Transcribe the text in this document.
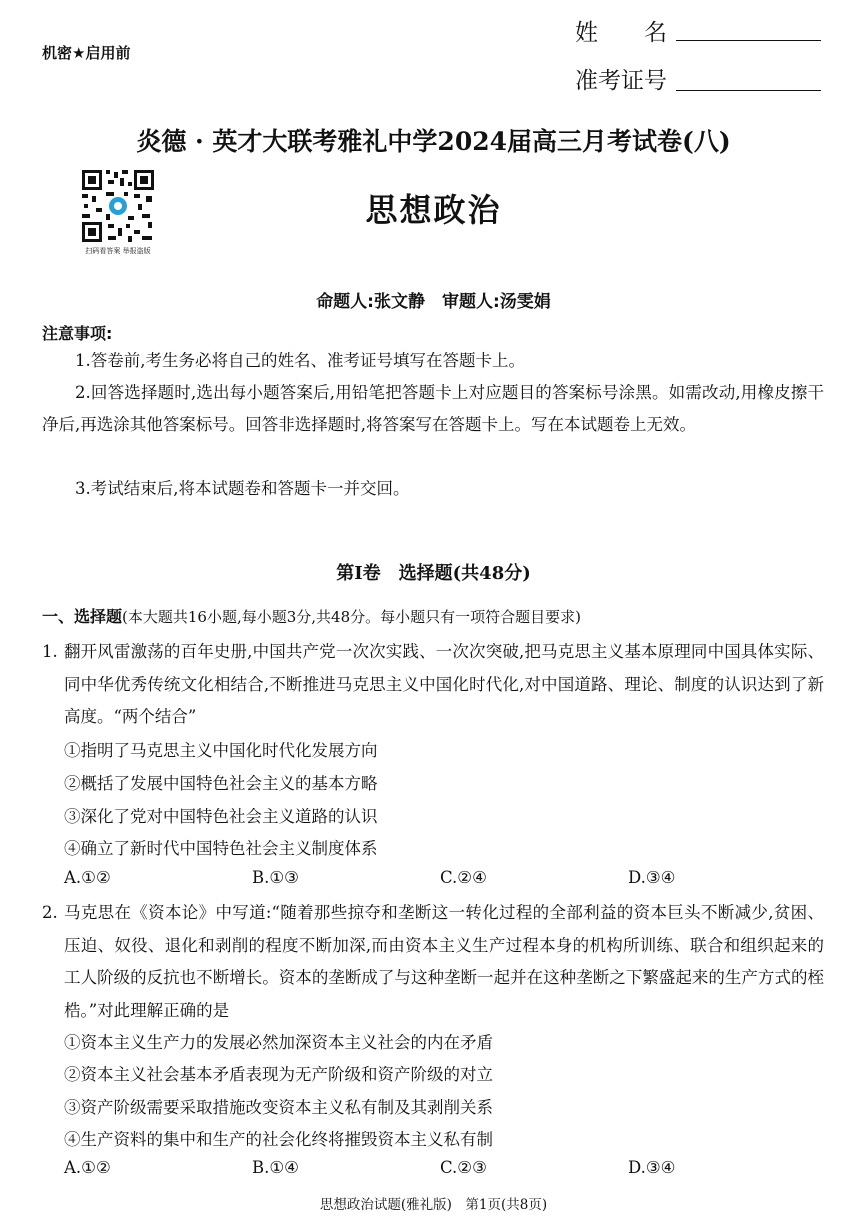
机密★启用前
姓　　名
准考证号
炎德 · 英才大联考雅礼中学2024届高三月考试卷(八)
扫码看答案 举报盗版
思想政治
命题人:张文静　审题人:汤雯娟
注意事项:
1.答卷前,考生务必将自己的姓名、准考证号填写在答题卡上。
2.回答选择题时,选出每小题答案后,用铅笔把答题卡上对应题目的答案标号涂黑。如需改动,用橡皮擦干净后,再选涂其他答案标号。回答非选择题时,将答案写在答题卡上。写在本试题卷上无效。
3.考试结束后,将本试题卷和答题卡一并交回。
第Ⅰ卷　选择题(共48分)
一、选择题(本大题共16小题,每小题3分,共48分。每小题只有一项符合题目要求)
1. 翻开风雷激荡的百年史册,中国共产党一次次实践、一次次突破,把马克思主义基本原理同中国具体实际、同中华优秀传统文化相结合,不断推进马克思主义中国化时代化,对中国道路、理论、制度的认识达到了新高度。“两个结合”
①指明了马克思主义中国化时代化发展方向
②概括了发展中国特色社会主义的基本方略
③深化了党对中国特色社会主义道路的认识
④确立了新时代中国特色社会主义制度体系
A.①②	B.①③	C.②④	D.③④
2. 马克思在《资本论》中写道:“随着那些掠夺和垄断这一转化过程的全部利益的资本巨头不断减少,贫困、压迫、奴役、退化和剥削的程度不断加深,而由资本主义生产过程本身的机构所训练、联合和组织起来的工人阶级的反抗也不断增长。资本的垄断成了与这种垄断一起并在这种垄断之下繁盛起来的生产方式的桎梏。”对此理解正确的是
①资本主义生产力的发展必然加深资本主义社会的内在矛盾
②资本主义社会基本矛盾表现为无产阶级和资产阶级的对立
③资产阶级需要采取措施改变资本主义私有制及其剥削关系
④生产资料的集中和生产的社会化终将摧毁资本主义私有制
A.①②	B.①④	C.②③	D.③④
思想政治试题(雅礼版)　第1页(共8页)
